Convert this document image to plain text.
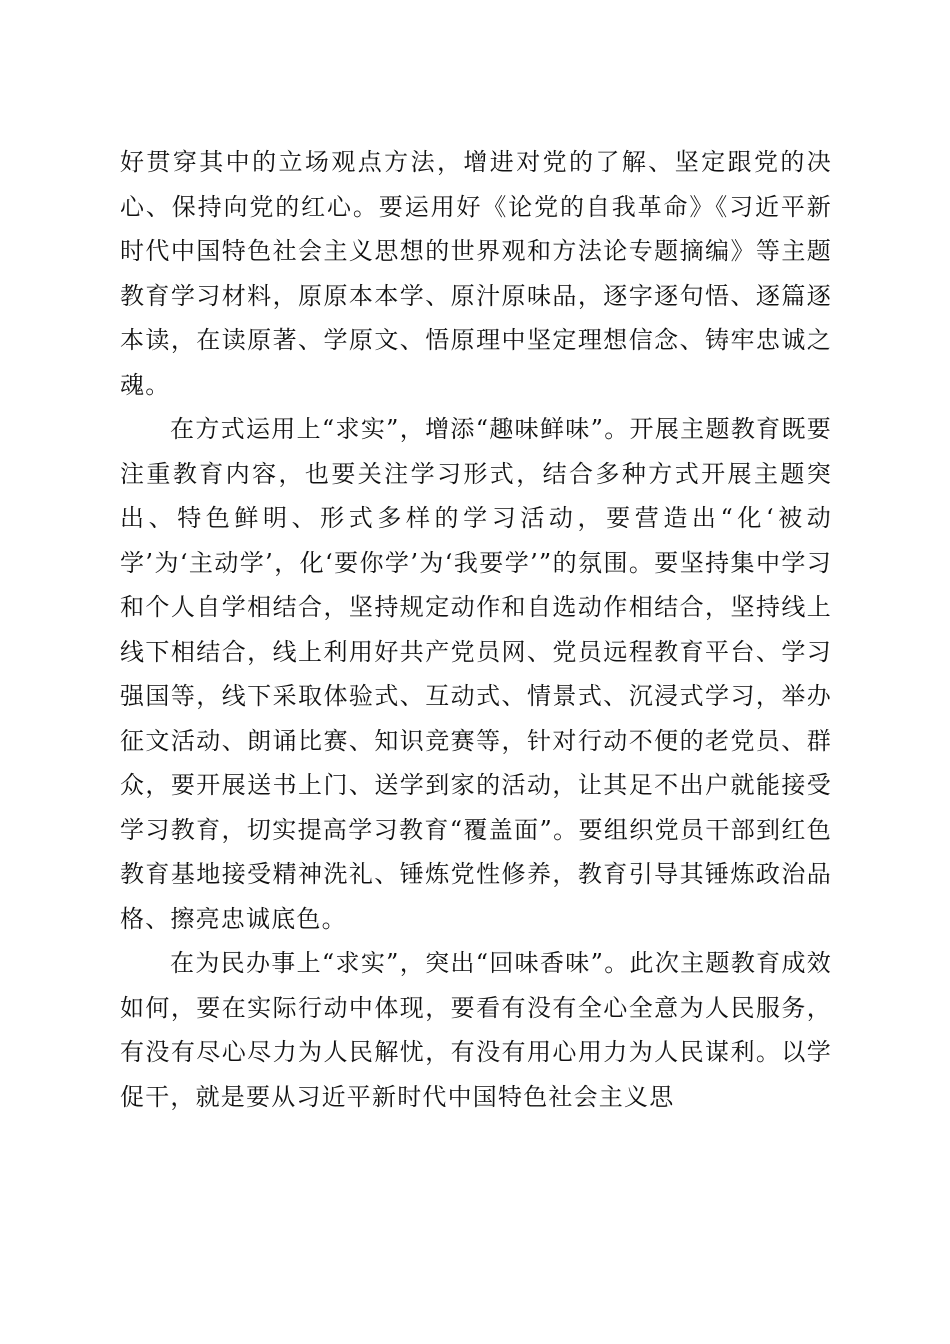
好贯穿其中的立场观点方法，增进对党的了解、坚定跟党的决心、保持向党的红心。要运用好《论党的自我革命》《习近平新时代中国特色社会主义思想的世界观和方法论专题摘编》等主题教育学习材料，原原本本学、原汁原味品，逐字逐句悟、逐篇逐本读，在读原著、学原文、悟原理中坚定理想信念、铸牢忠诚之魂。

在方式运用上“求实”，增添“趣味鲜味”。开展主题教育既要注重教育内容，也要关注学习形式，结合多种方式开展主题突出、特色鲜明、形式多样的学习活动，要营造出“化‘被动学’为‘主动学’，化‘要你学’为‘我要学’”的氛围。要坚持集中学习和个人自学相结合，坚持规定动作和自选动作相结合，坚持线上线下相结合，线上利用好共产党员网、党员远程教育平台、学习强国等，线下采取体验式、互动式、情景式、沉浸式学习，举办征文活动、朗诵比赛、知识竞赛等，针对行动不便的老党员、群众，要开展送书上门、送学到家的活动，让其足不出户就能接受学习教育，切实提高学习教育“覆盖面”。要组织党员干部到红色教育基地接受精神洗礼、锤炼党性修养，教育引导其锤炼政治品格、擦亮忠诚底色。

在为民办事上“求实”，突出“回味香味”。此次主题教育成效如何，要在实际行动中体现，要看有没有全心全意为人民服务，有没有尽心尽力为人民解忧，有没有用心用力为人民谋利。以学促干，就是要从习近平新时代中国特色社会主义思
